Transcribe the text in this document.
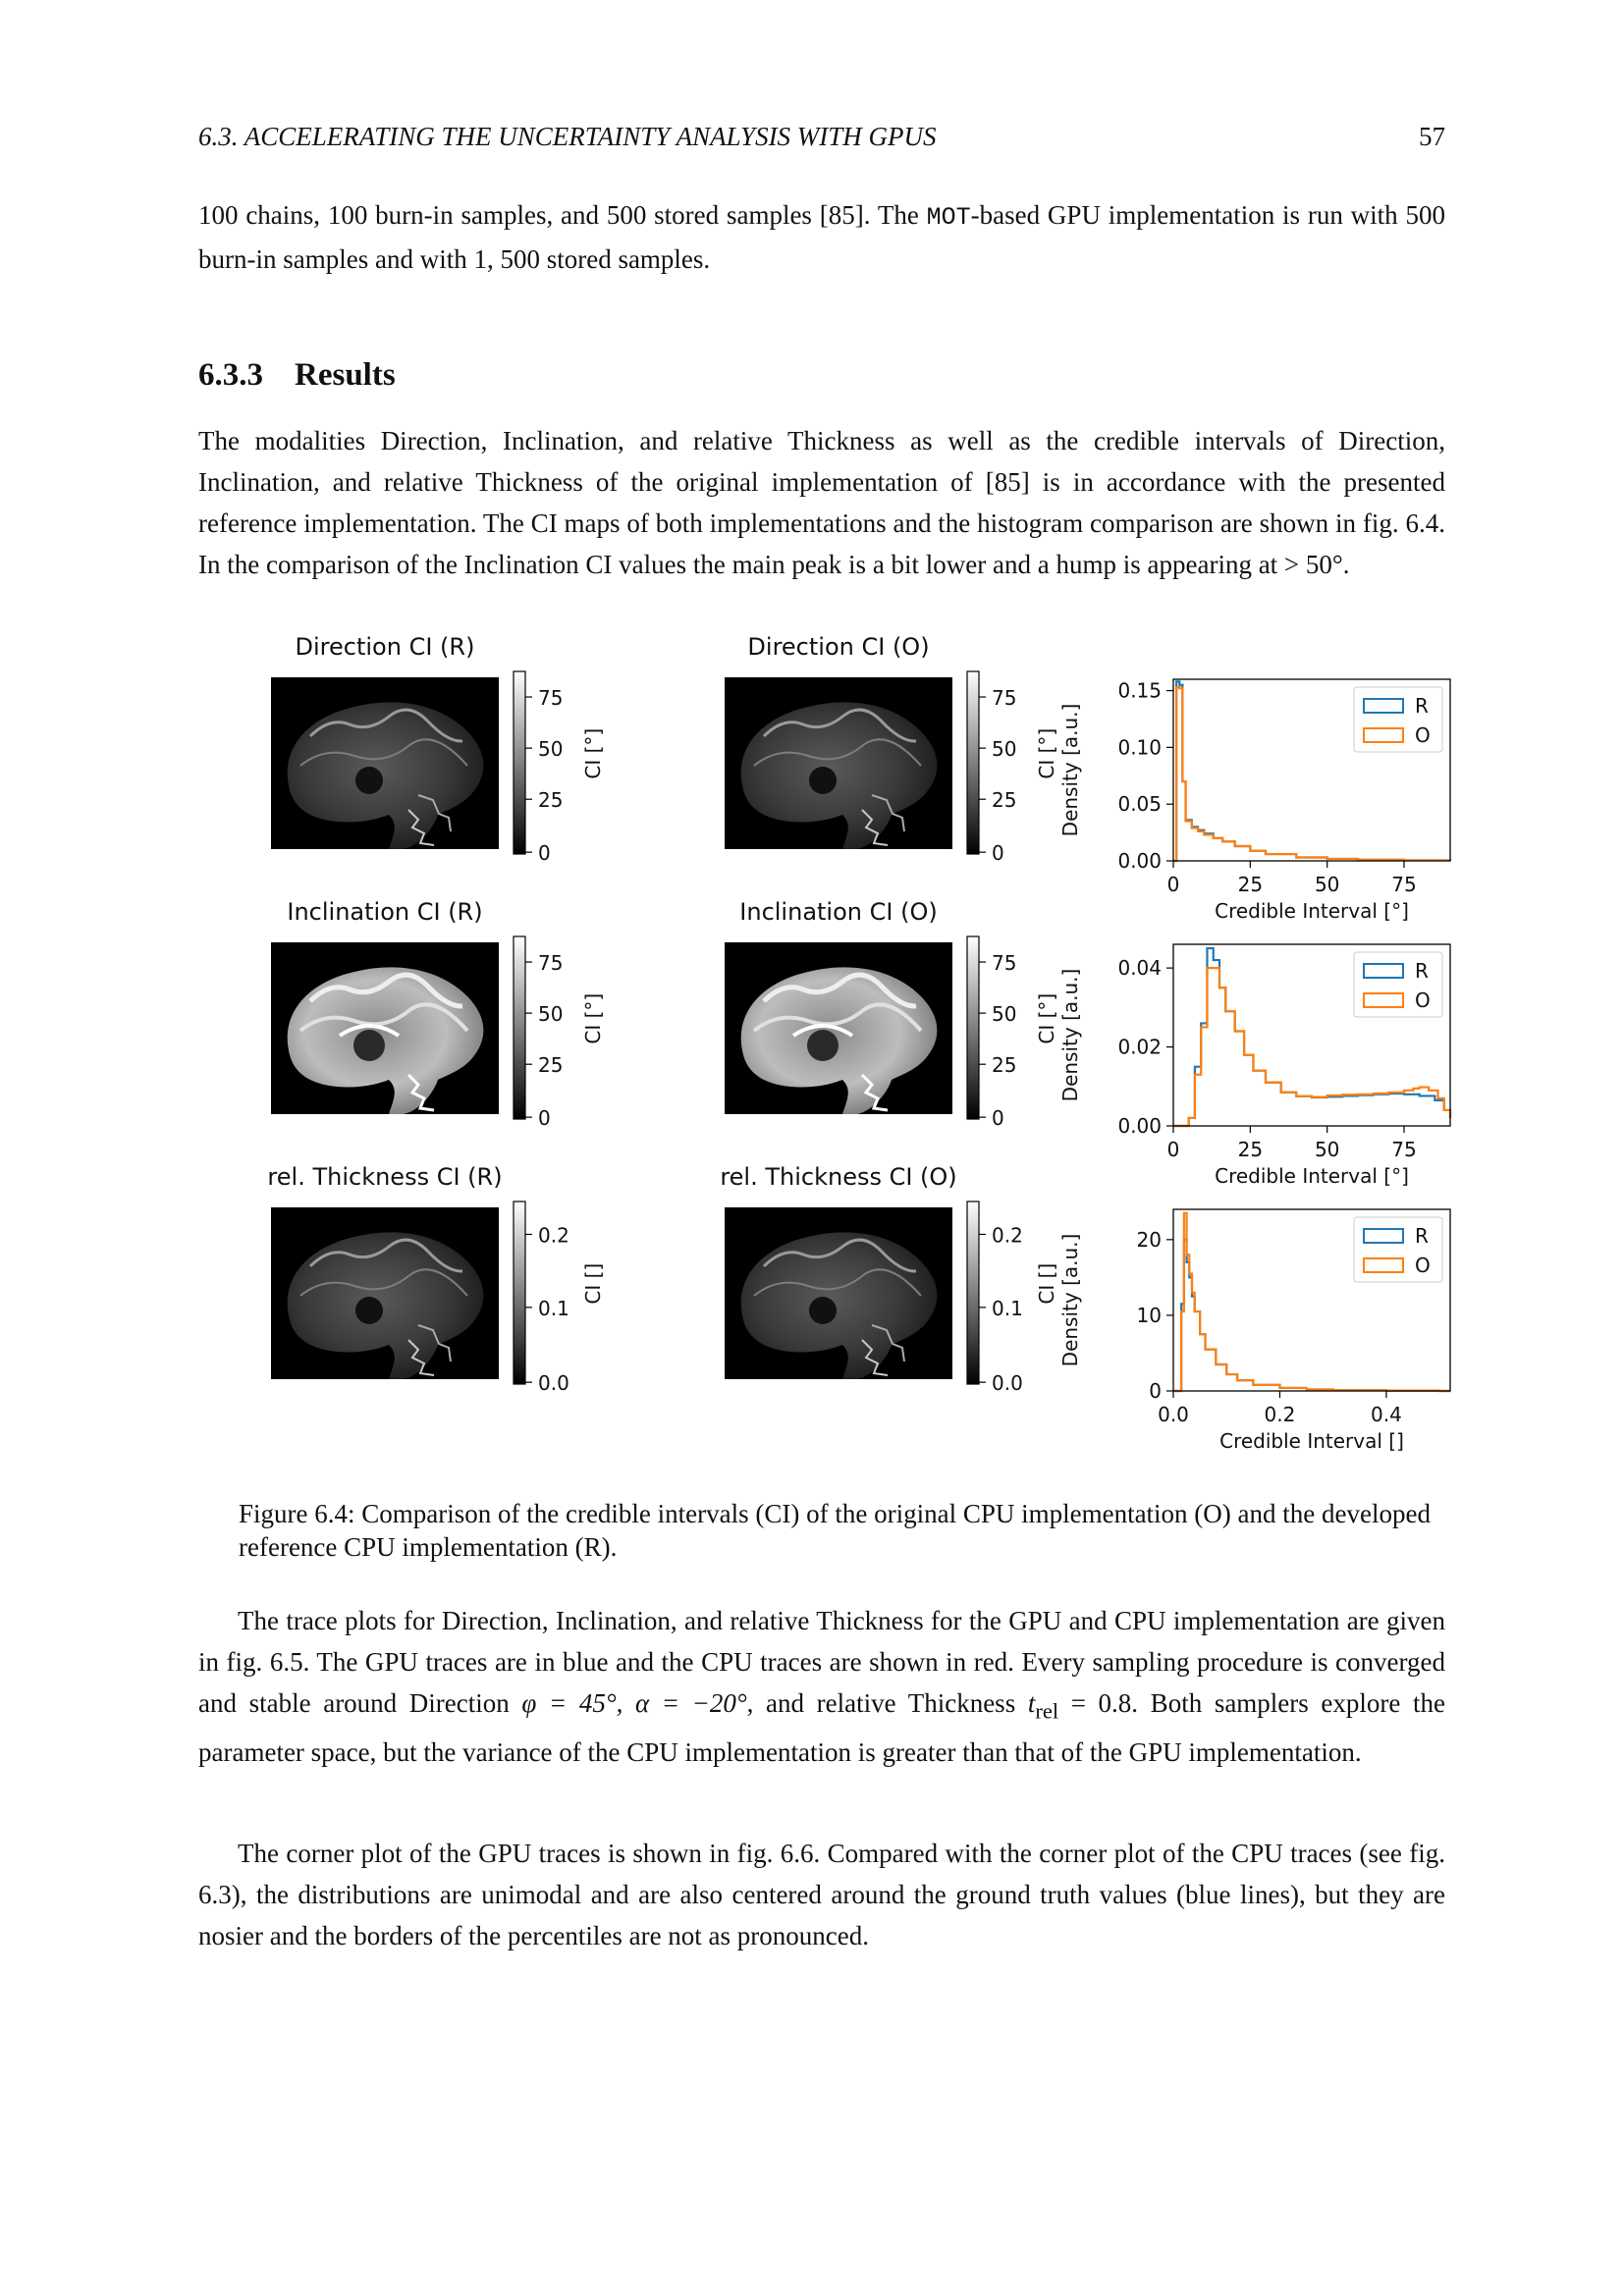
6.3. ACCELERATING THE UNCERTAINTY ANALYSIS WITH GPUS	57

100 chains, 100 burn-in samples, and 500 stored samples [85]. The MOT-based GPU implementation is run with 500 burn-in samples and with 1, 500 stored samples.

6.3.3 Results

The modalities Direction, Inclination, and relative Thickness as well as the credible intervals of Direction, Inclination, and relative Thickness of the original implementation of [85] is in accordance with the presented reference implementation. The CI maps of both implementations and the histogram comparison are shown in fig. 6.4. In the comparison of the Inclination CI values the main peak is a bit lower and a hump is appearing at > 50°.

Direction CI (R)
75
50
25
0
CI [°]
Direction CI (O)
75
50
25
0
CI [°]
Inclination CI (R)
75
50
25
0
CI [°]
Inclination CI (O)
75
50
25
0
CI [°]
rel. Thickness CI (R)
0.2
0.1
0.0
CI []
rel. Thickness CI (O)
0.2
0.1
0.0
CI []
0	25	50	75
0.00
0.05
0.10
0.15
Credible Interval [°]
Density [a.u.]	R
O
0	25	50	75
0.00
0.02
0.04
Credible Interval [°]
Density [a.u.]	R
O
0.0	0.2	0.4
0
10
20
Credible Interval []
Density [a.u.]	R
O

Figure 6.4: Comparison of the credible intervals (CI) of the original CPU implementation (O) and the developed reference CPU implementation (R).

The trace plots for Direction, Inclination, and relative Thickness for the GPU and CPU implementation are given in fig. 6.5. The GPU traces are in blue and the CPU traces are shown in red. Every sampling procedure is converged and stable around Direction φ = 45°, α = −20°, and relative Thickness $t_{rel} = 0.8$. Both samplers explore the parameter space, but the variance of the CPU implementation is greater than that of the GPU implementation.

The corner plot of the GPU traces is shown in fig. 6.6. Compared with the corner plot of the CPU traces (see fig. 6.3), the distributions are unimodal and are also centered around the ground truth values (blue lines), but they are nosier and the borders of the percentiles are not as pronounced.
